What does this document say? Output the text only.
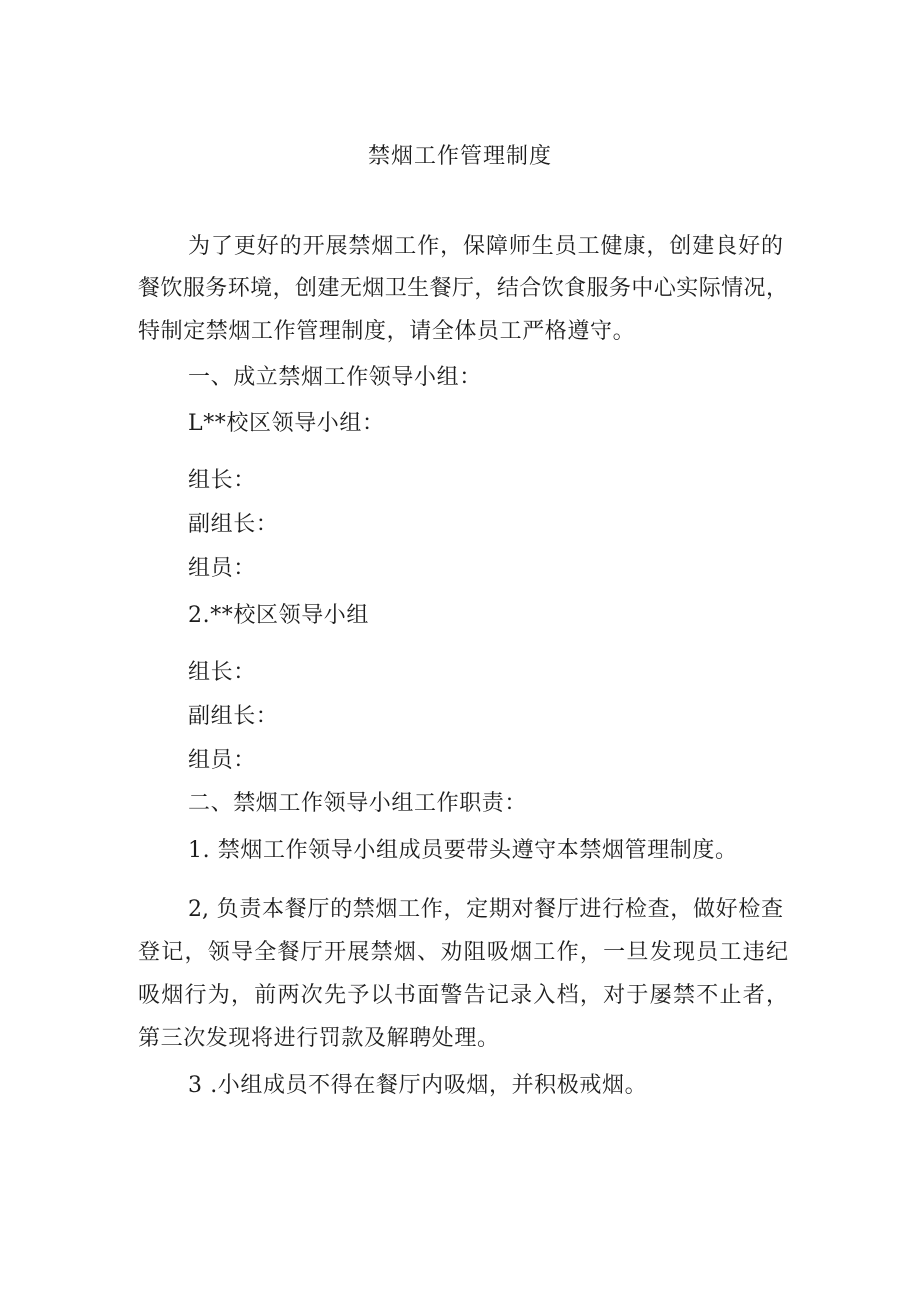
禁烟工作管理制度
为了更好的开展禁烟工作，保障师生员工健康，创建良好的
餐饮服务环境，创建无烟卫生餐厅，结合饮食服务中心实际情况，
特制定禁烟工作管理制度，请全体员工严格遵守。
一、成立禁烟工作领导小组：
L**校区领导小组：
组长：
副组长：
组员：
2.**校区领导小组
组长：
副组长：
组员：
二、禁烟工作领导小组工作职责：
1. 禁烟工作领导小组成员要带头遵守本禁烟管理制度。
2, 负责本餐厅的禁烟工作，定期对餐厅进行检查，做好检查
登记，领导全餐厅开展禁烟、劝阻吸烟工作，一旦发现员工违纪
吸烟行为，前两次先予以书面警告记录入档，对于屡禁不止者，
第三次发现将进行罚款及解聘处理。
3 .小组成员不得在餐厅内吸烟，并积极戒烟。
